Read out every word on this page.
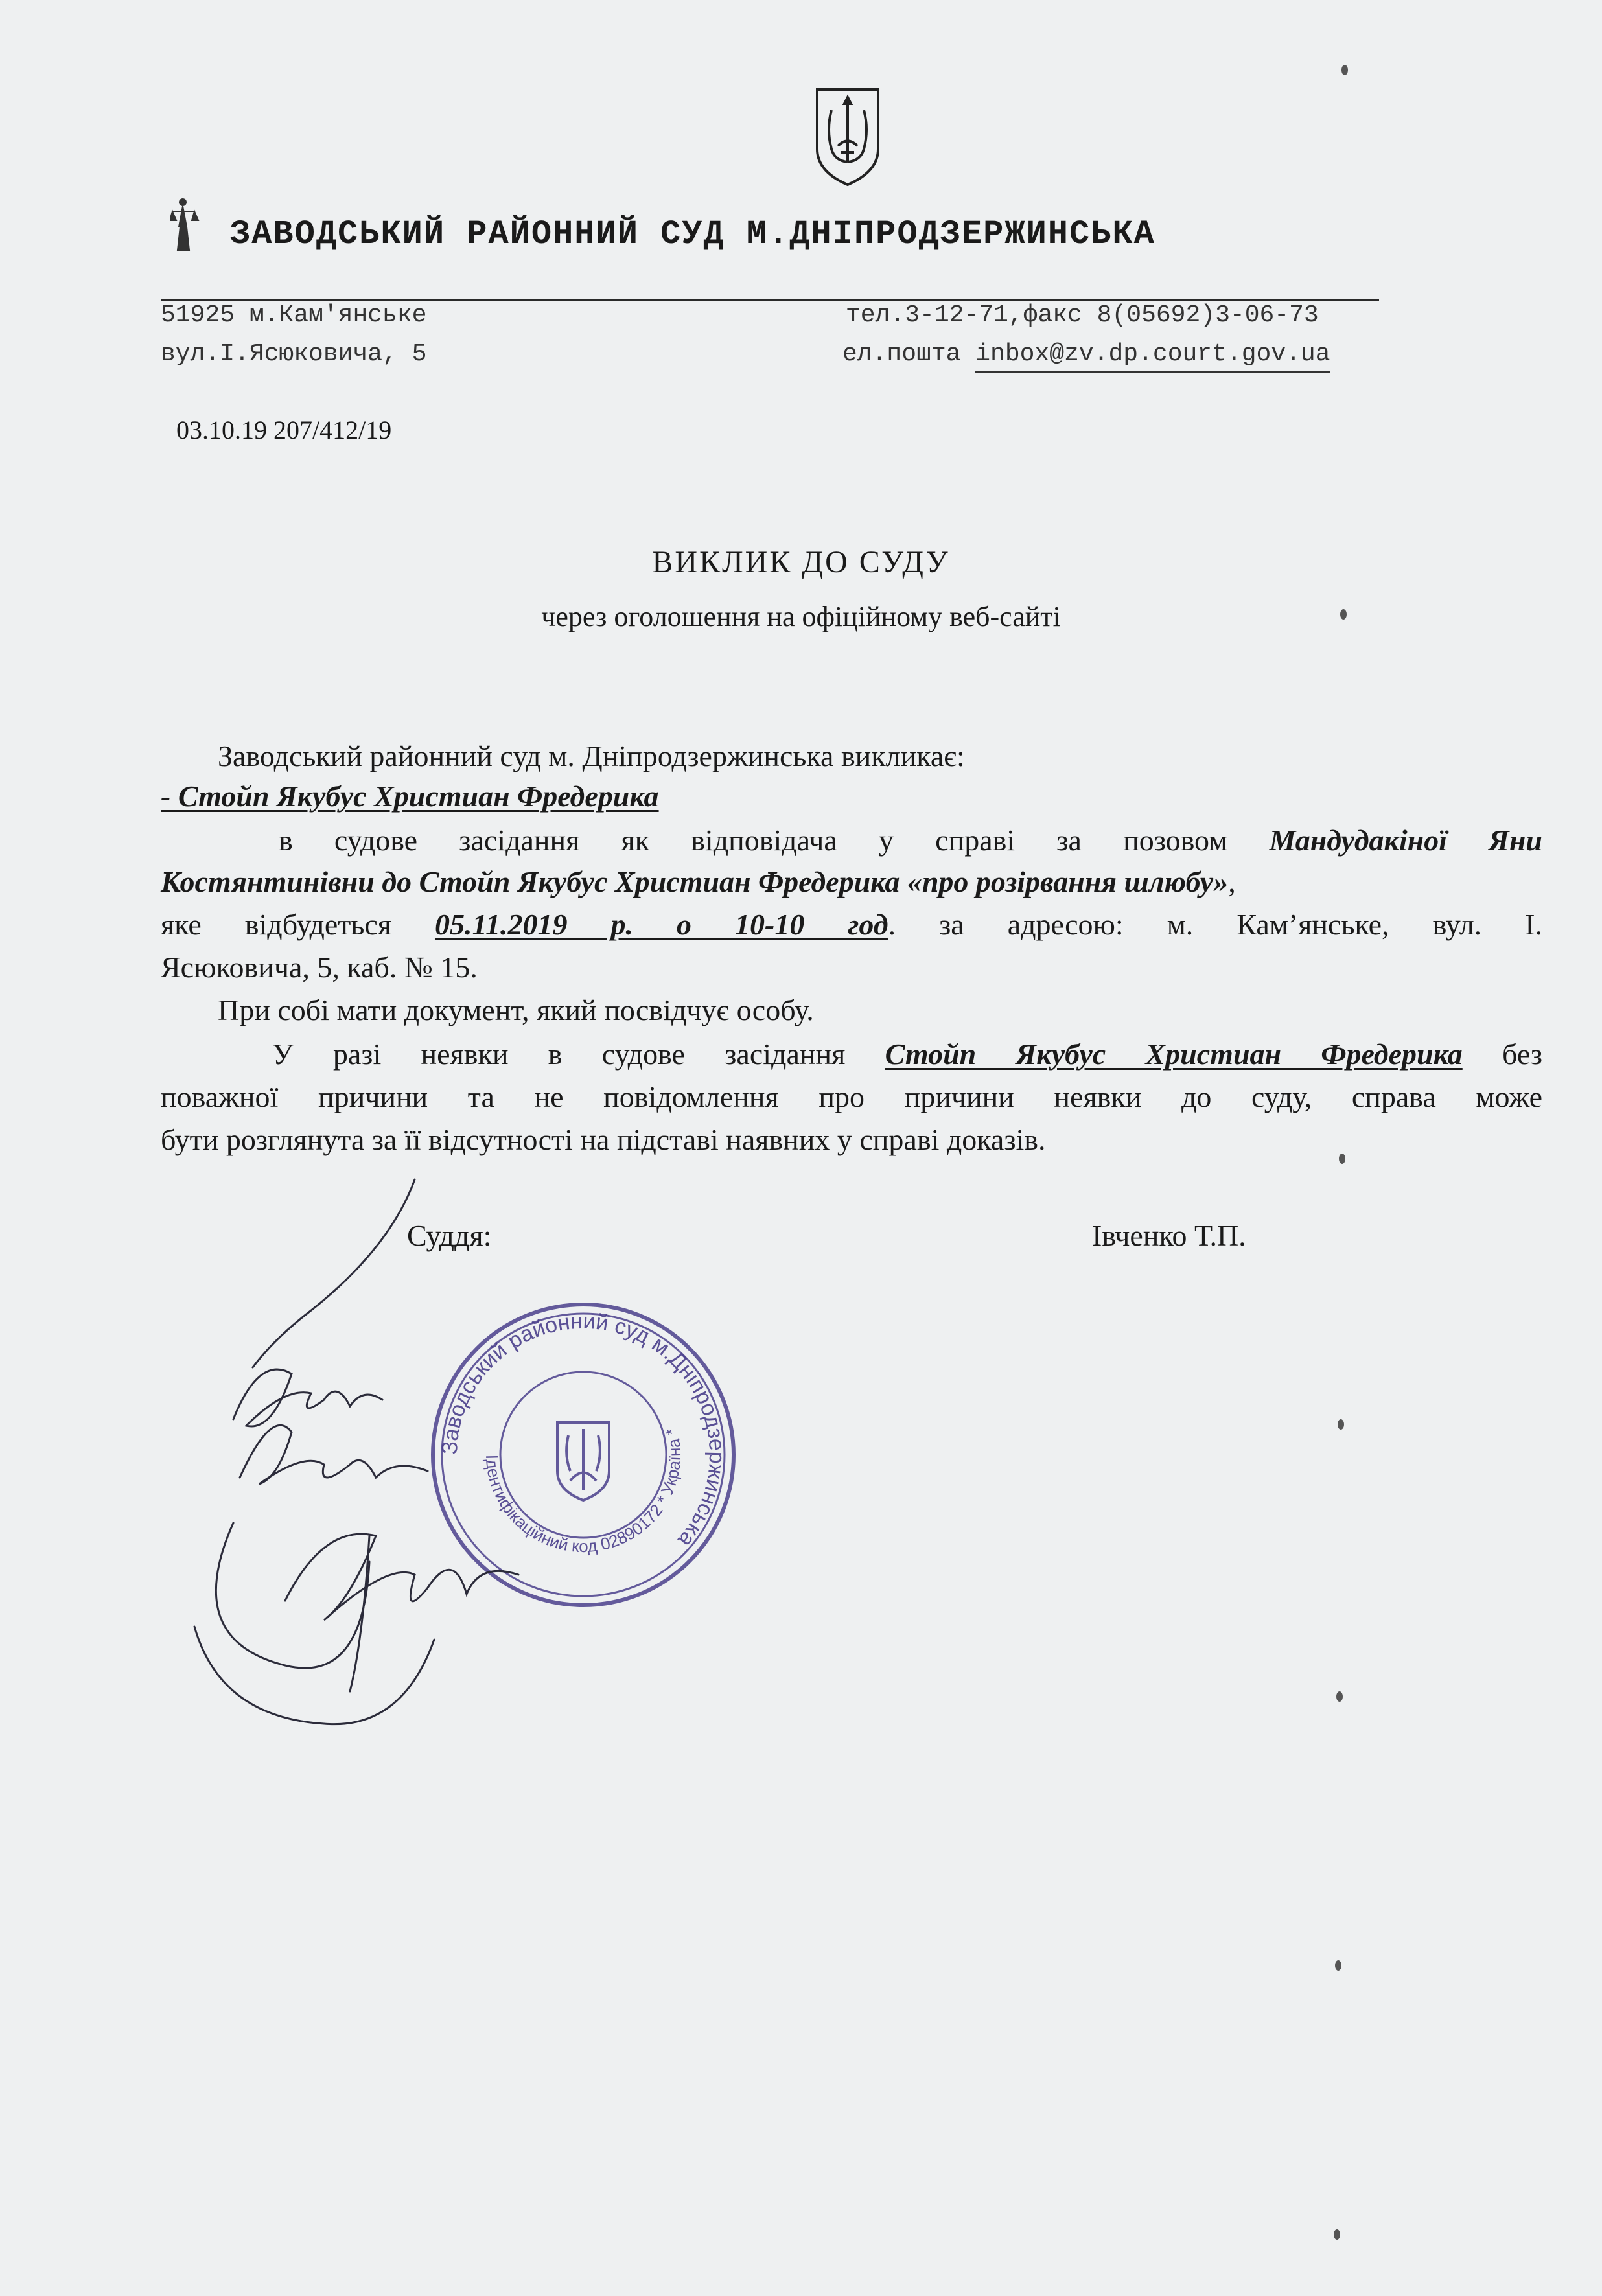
ЗАВОДСЬКИЙ РАЙОННИЙ СУД М.ДНІПРОДЗЕРЖИНСЬКА
51925 м.Кам'янське
вул.І.Ясюковича, 5
тел.3-12-71,факс 8(05692)3-06-73
ел.пошта inbox@zv.dp.court.gov.ua
03.10.19 207/412/19
ВИКЛИК ДО СУДУ
через оголошення на офіційному веб-сайті
Заводський районний суд м. Дніпродзержинська викликає:
- Стойп Якубус Христиан Фредерика
в судове засідання як відповідача у справі за позовом Мандудакіної Яни
Костянтинівни до Стойп Якубус Христиан Фредерика «про розірвання шлюбу»,
яке відбудеться 05.11.2019 р. о 10-10 год. за адресою: м. Кам’янське, вул. І.
Ясюковича, 5, каб. № 15.
При собі мати документ, який посвідчує особу.
У разі неявки в судове засідання Стойп Якубус Христиан Фредерика без
поважної причини та не повідомлення про причини неявки до суду, справа може
бути розглянута за її відсутності на підставі наявних у справі доказів.
Суддя:	Івченко Т.П.
Заводський районний суд м.Дніпродзержинська
Ідентифікаційний код 02890172 * Україна *
